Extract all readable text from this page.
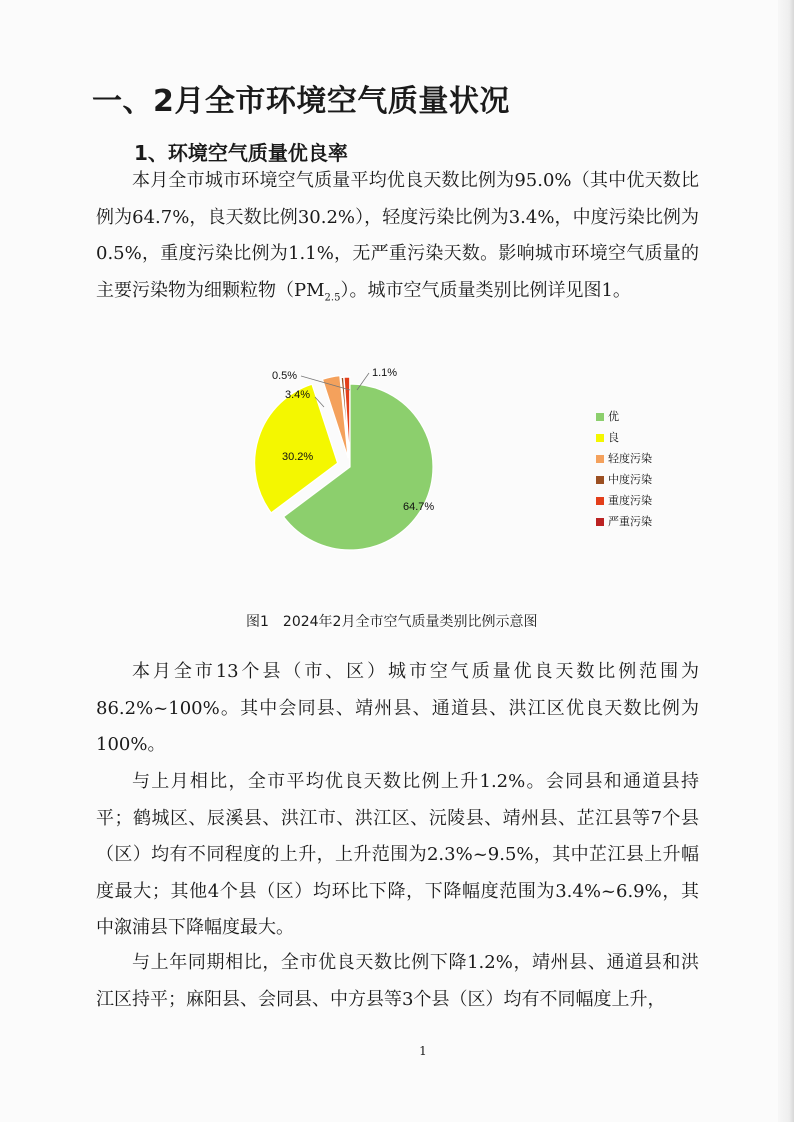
一、2月全市环境空气质量状况
1、环境空气质量优良率
本月全市城市环境空气质量平均优良天数比例为95.0%（其中优天数比例为64.7%，良天数比例30.2%），轻度污染比例为3.4%，中度污染比例为0.5%，重度污染比例为1.1%，无严重污染天数。影响城市环境空气质量的主要污染物为细颗粒物$(PM_{2.5})$。城市空气质量类别比例详见图1。
64.7%
30.2%
3.4%
0.5%	1.1%
优
良
轻度污染
中度污染
重度污染
严重污染
图1　2024年2月全市空气质量类别比例示意图
本月全市13个县（市、区）城市空气质量优良天数比例范围为86.2%~100%。其中会同县、靖州县、通道县、洪江区优良天数比例为100%。
与上月相比，全市平均优良天数比例上升1.2%。会同县和通道县持平；鹤城区、辰溪县、洪江市、洪江区、沅陵县、靖州县、芷江县等7个县（区）均有不同程度的上升，上升范围为2.3%~9.5%，其中芷江县上升幅度最大；其他4个县（区）均环比下降，下降幅度范围为3.4%~6.9%，其中溆浦县下降幅度最大。
与上年同期相比，全市优良天数比例下降1.2%，靖州县、通道县和洪江区持平；麻阳县、会同县、中方县等3个县（区）均有不同幅度上升，
1
